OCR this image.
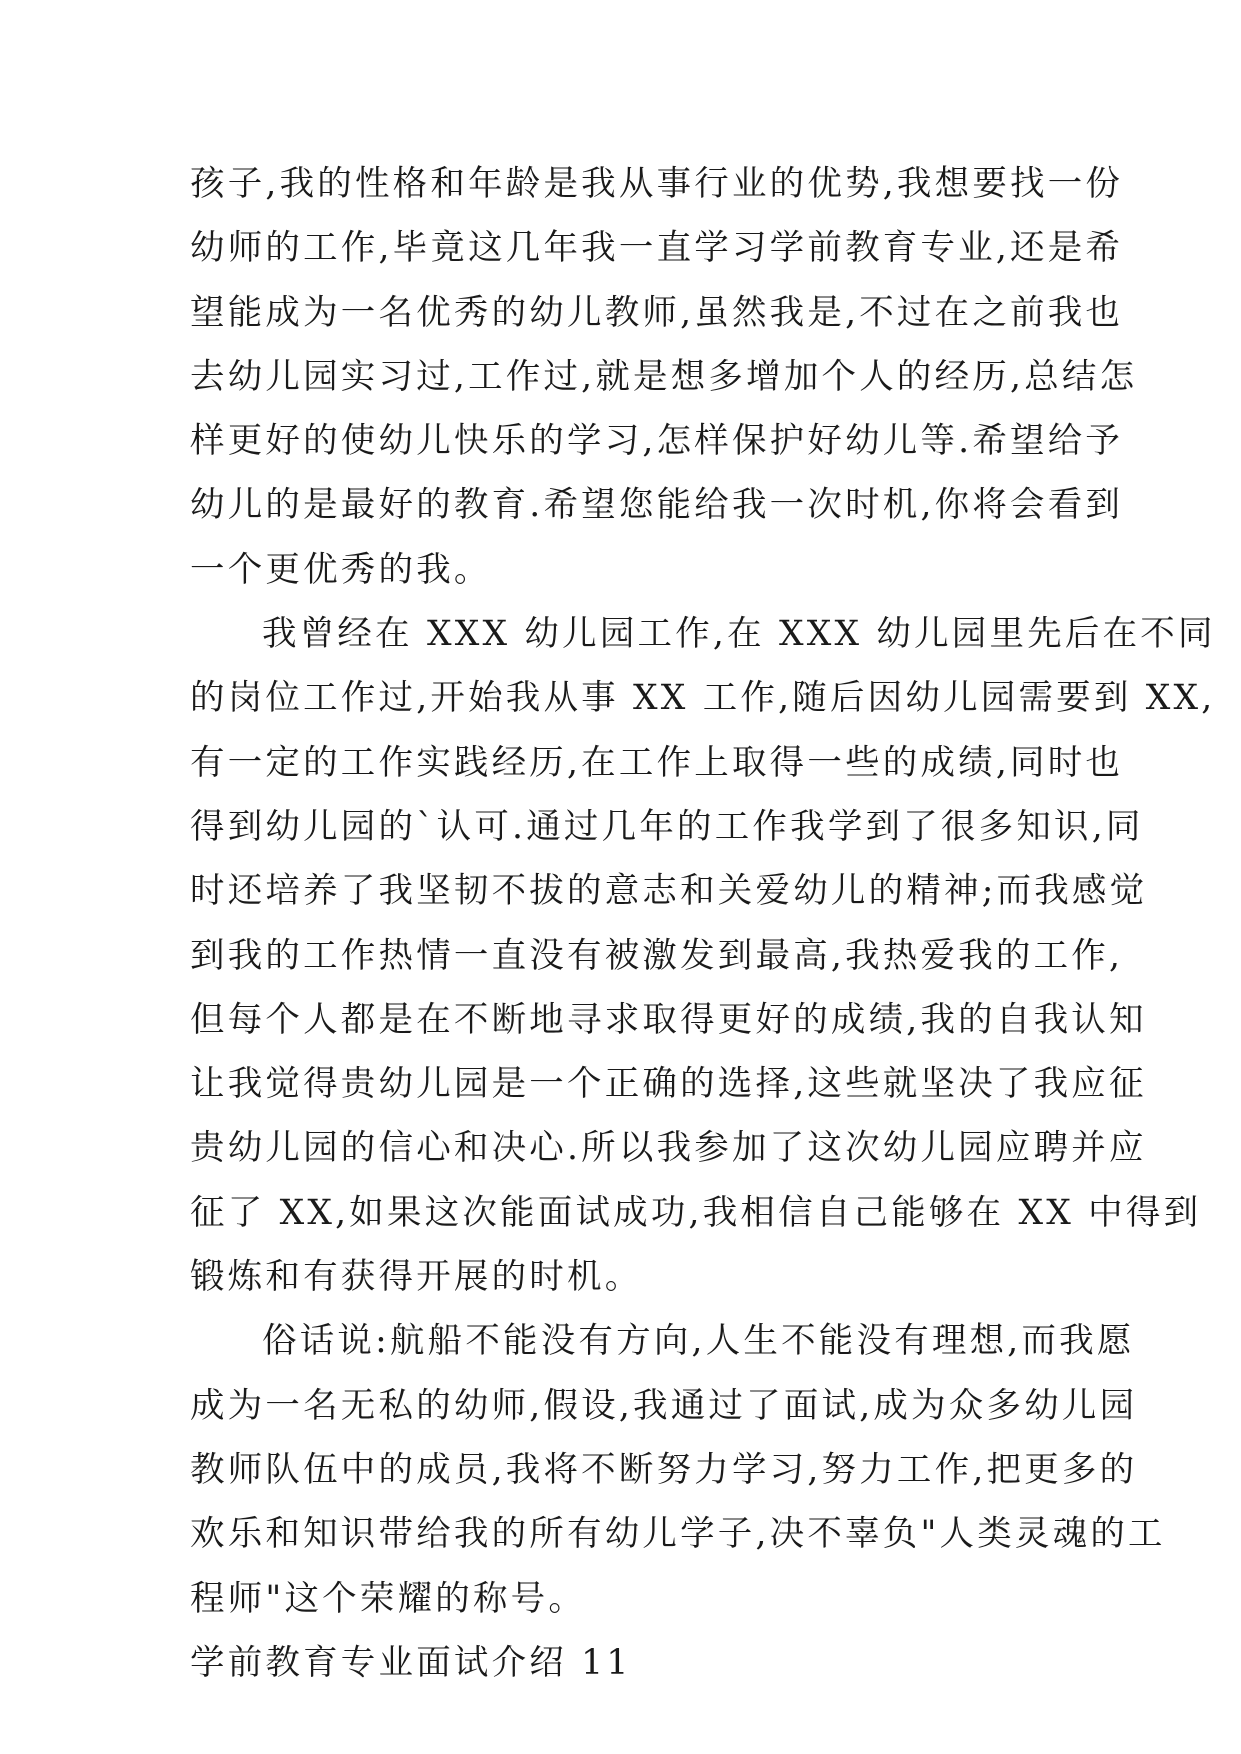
孩子,我的性格和年龄是我从事行业的优势,我想要找一份
幼师的工作,毕竟这几年我一直学习学前教育专业,还是希
望能成为一名优秀的幼儿教师,虽然我是,不过在之前我也
去幼儿园实习过,工作过,就是想多增加个人的经历,总结怎
样更好的使幼儿快乐的学习,怎样保护好幼儿等.希望给予
幼儿的是最好的教育.希望您能给我一次时机,你将会看到
一个更优秀的我。
我曾经在 XXX 幼儿园工作,在 XXX 幼儿园里先后在不同
的岗位工作过,开始我从事 XX 工作,随后因幼儿园需要到 XX,
有一定的工作实践经历,在工作上取得一些的成绩,同时也
得到幼儿园的`认可.通过几年的工作我学到了很多知识,同
时还培养了我坚韧不拔的意志和关爱幼儿的精神;而我感觉
到我的工作热情一直没有被激发到最高,我热爱我的工作,
但每个人都是在不断地寻求取得更好的成绩,我的自我认知
让我觉得贵幼儿园是一个正确的选择,这些就坚决了我应征
贵幼儿园的信心和决心.所以我参加了这次幼儿园应聘并应
征了 XX,如果这次能面试成功,我相信自己能够在 XX 中得到
锻炼和有获得开展的时机。
俗话说:航船不能没有方向,人生不能没有理想,而我愿
成为一名无私的幼师,假设,我通过了面试,成为众多幼儿园
教师队伍中的成员,我将不断努力学习,努力工作,把更多的
欢乐和知识带给我的所有幼儿学子,决不辜负"人类灵魂的工
程师"这个荣耀的称号。
学前教育专业面试介绍 11
